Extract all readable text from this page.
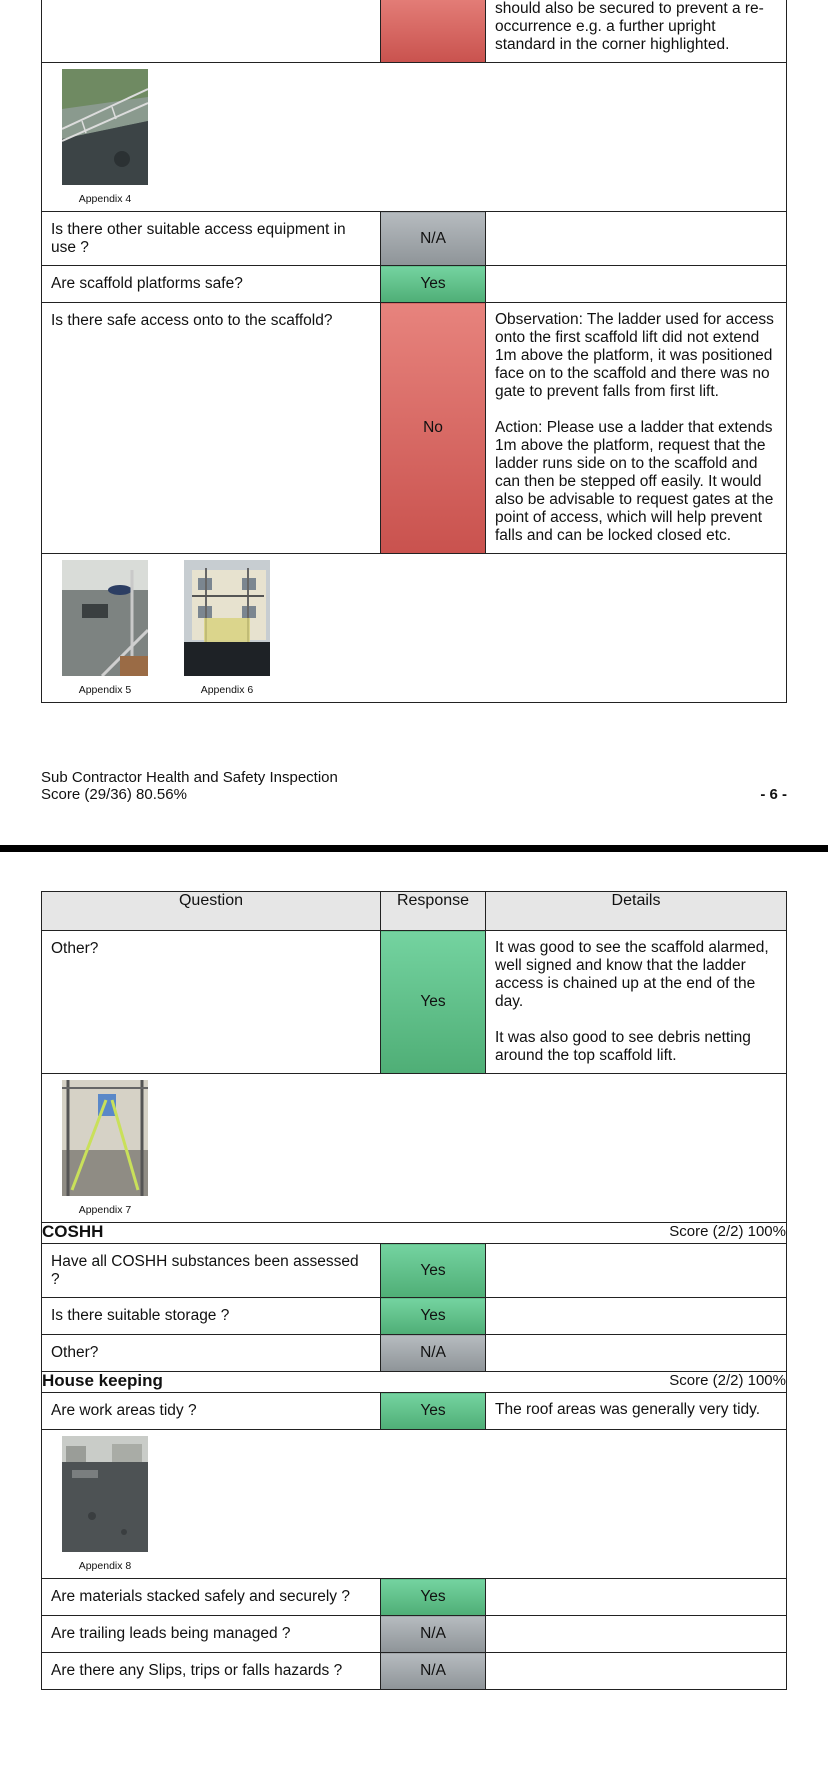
		should also be secured to prevent a re-occurrence e.g. a further upright standard in the corner highlighted.

Appendix 4		

Is there other suitable access equipment in use ?	N/A	
Are scaffold platforms safe?	Yes	
Is there safe access onto to the scaffold?	No	Observation: The ladder used for access onto the first scaffold lift did not extend 1m above the platform, it was positioned face on to the scaffold and there was no gate to prevent falls from first lift.
Action: Please use a ladder that extends 1m above the platform, request that the ladder runs side on to the scaffold and can then be stepped off easily. It would also be advisable to request gates at the point of access, which will help prevent falls and can be locked closed etc.

Appendix 5 Appendix 6		
Sub Contractor Health and Safety Inspection
Score (29/36) 80.56%	- 6 -
Question	Response	Details
Other?	Yes	It was good to see the scaffold alarmed, well signed and know that the ladder access is chained up at the end of the day.
It was also good to see debris netting around the top scaffold lift.

Appendix 7		

COSHH Score (2/2) 100%		

Have all COSHH substances been assessed ?	Yes	
Is there suitable storage ?	Yes	
Other?	N/A	

House keeping Score (2/2) 100%		

Are work areas tidy ?	Yes	The roof areas was generally very tidy.

Appendix 8		

Are materials stacked safely and securely ?	Yes	
Are trailing leads being managed ?	N/A	
Are there any Slips, trips or falls hazards ?	N/A	
